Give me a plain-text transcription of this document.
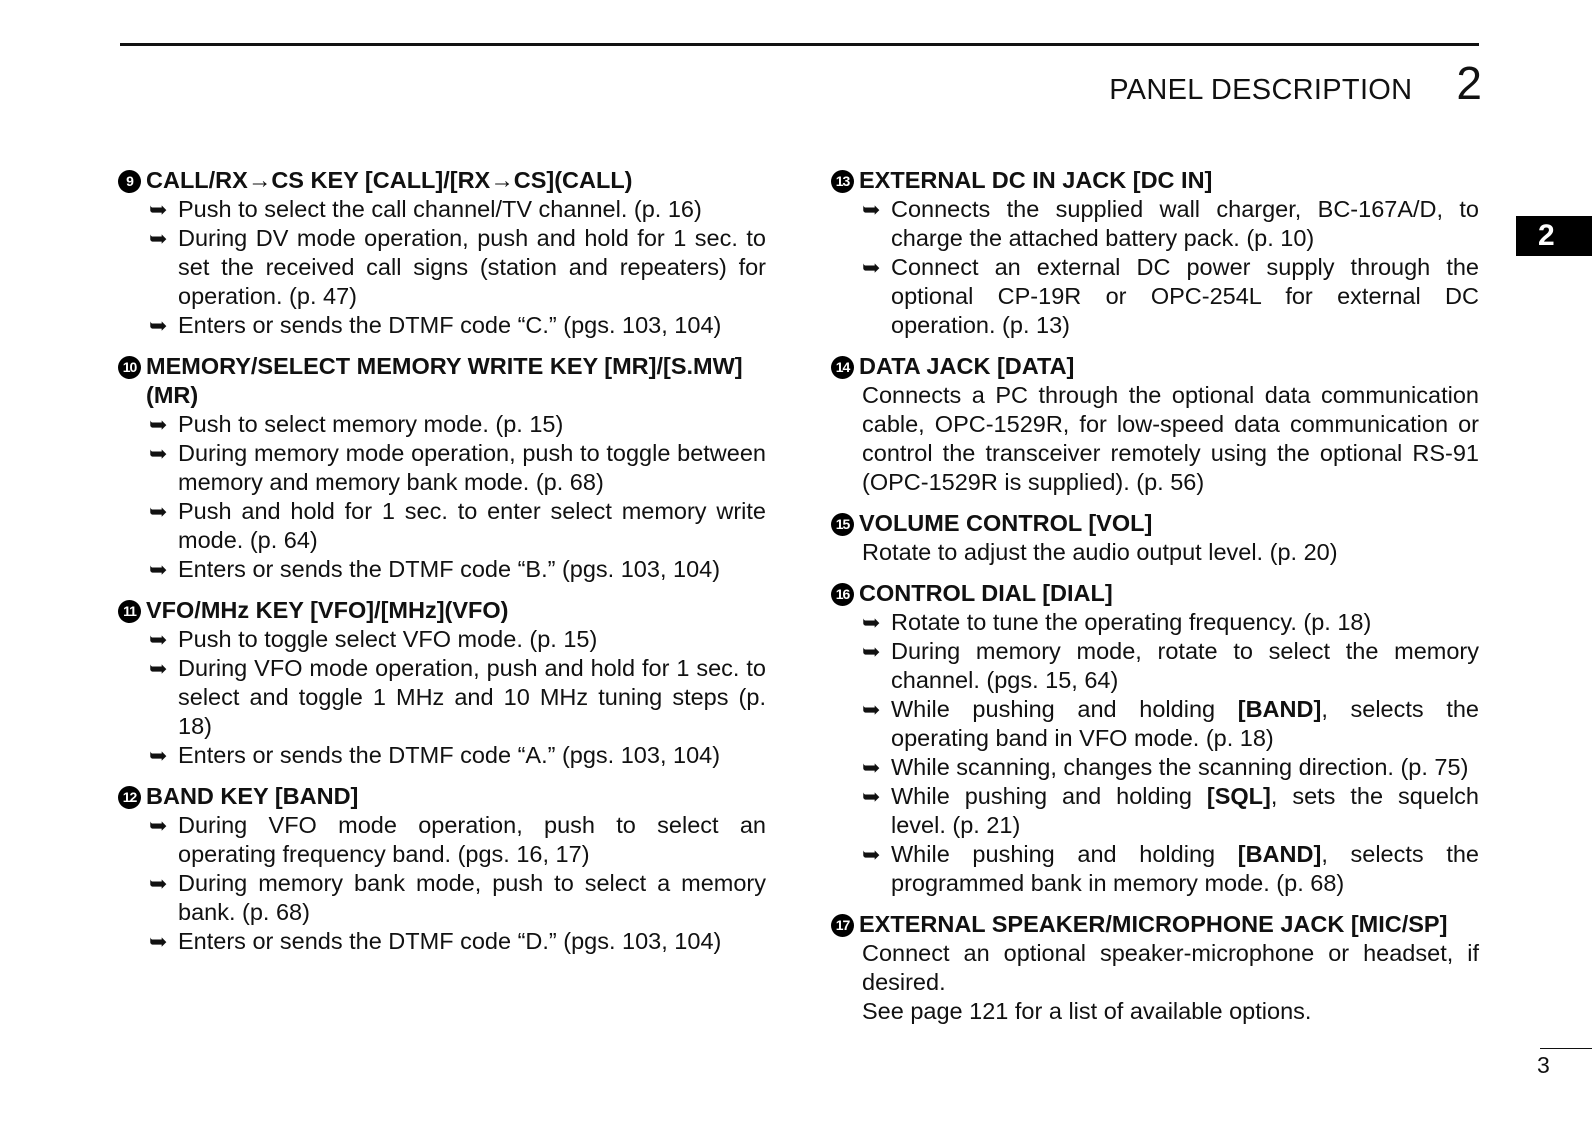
PANEL DESCRIPTION 2
2
9 CALL/RX→CS KEY [CALL]/[RX→CS](CALL)
➥ Push to select the call channel/TV channel. (p. 16)
➥ During DV mode operation, push and hold for 1 sec. to set the received call signs (station and repeaters) for operation. (p. 47)
➥ Enters or sends the DTMF code “C.” (pgs. 103, 104)
10 MEMORY/SELECT MEMORY WRITE KEY [MR]/[S.MW](MR)
➥ Push to select memory mode. (p. 15)
➥ During memory mode operation, push to toggle between memory and memory bank mode. (p. 68)
➥ Push and hold for 1 sec. to enter select memory write mode. (p. 64)
➥ Enters or sends the DTMF code “B.” (pgs. 103, 104)
11 VFO/MHz KEY [VFO]/[MHz](VFO)
➥ Push to toggle select VFO mode. (p. 15)
➥ During VFO mode operation, push and hold for 1 sec. to select and toggle 1 MHz and 10 MHz tuning steps (p. 18)
➥ Enters or sends the DTMF code “A.” (pgs. 103, 104)
12 BAND KEY [BAND]
➥ During VFO mode operation, push to select an operating frequency band. (pgs. 16, 17)
➥ During memory bank mode, push to select a memory bank. (p. 68)
➥ Enters or sends the DTMF code “D.” (pgs. 103, 104)
13 EXTERNAL DC IN JACK [DC IN]
➥ Connects the supplied wall charger, BC-167A/D, to charge the attached battery pack. (p. 10)
➥ Connect an external DC power supply through the optional CP-19R or OPC-254L for external DC operation. (p. 13)
14 DATA JACK [DATA]
Connects a PC through the optional data communication cable, OPC-1529R, for low-speed data communication or control the transceiver remotely using the optional RS-91 (OPC-1529R is supplied). (p. 56)
15 VOLUME CONTROL [VOL]
Rotate to adjust the audio output level. (p. 20)
16 CONTROL DIAL [DIAL]
➥ Rotate to tune the operating frequency. (p. 18)
➥ During memory mode, rotate to select the memory channel. (pgs. 15, 64)
➥ While pushing and holding [BAND], selects the operating band in VFO mode. (p. 18)
➥ While scanning, changes the scanning direction. (p. 75)
➥ While pushing and holding [SQL], sets the squelch level. (p. 21)
➥ While pushing and holding [BAND], selects the programmed bank in memory mode. (p. 68)
17 EXTERNAL SPEAKER/MICROPHONE JACK [MIC/SP]
Connect an optional speaker-microphone or headset, if desired.
See page 121 for a list of available options.
3
